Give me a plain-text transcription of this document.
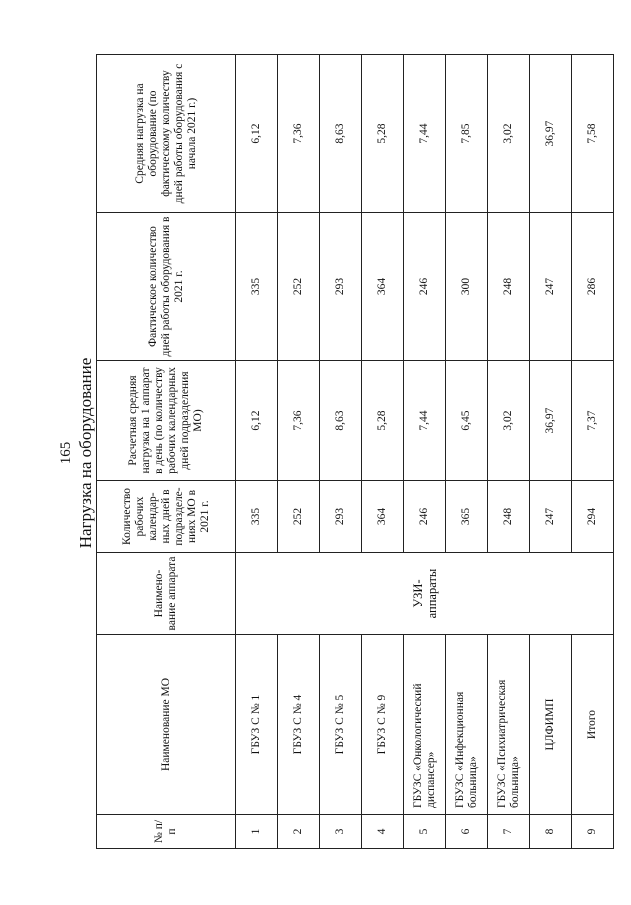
165 Нагрузка на оборудование
№ п/п	Наименование МО	Наимено-вание аппарата	Количество рабочих календар-ных дней в подразделе-ниях МО в 2021 г.	Расчетная средняя нагрузка на 1 аппарат в день (по количеству рабочих календарных дней подразделения МО)	Фактическое количество дней работы оборудования в 2021 г.	Средняя нагрузка на оборудование (по фактическому количеству дней работы оборудования с начала 2021 г.)
1	ГБУЗ С № 1	УЗИ-аппараты	335	6,12	335	6,12
2	ГБУЗ С № 4		252	7,36	252	7,36
3	ГБУЗ С № 5		293	8,63	293	8,63
4	ГБУЗ С № 9		364	5,28	364	5,28
5	ГБУЗС «Онкологический диспансер»		246	7,44	246	7,44
6	ГБУЗС «Инфекционная больница»		365	6,45	300	7,85
7	ГБУЗС «Психиатрическая больница»		248	3,02	248	3,02
8	ЦЛФИМП		247	36,97	247	36,97
9	Итого		294	7,37	286	7,58
